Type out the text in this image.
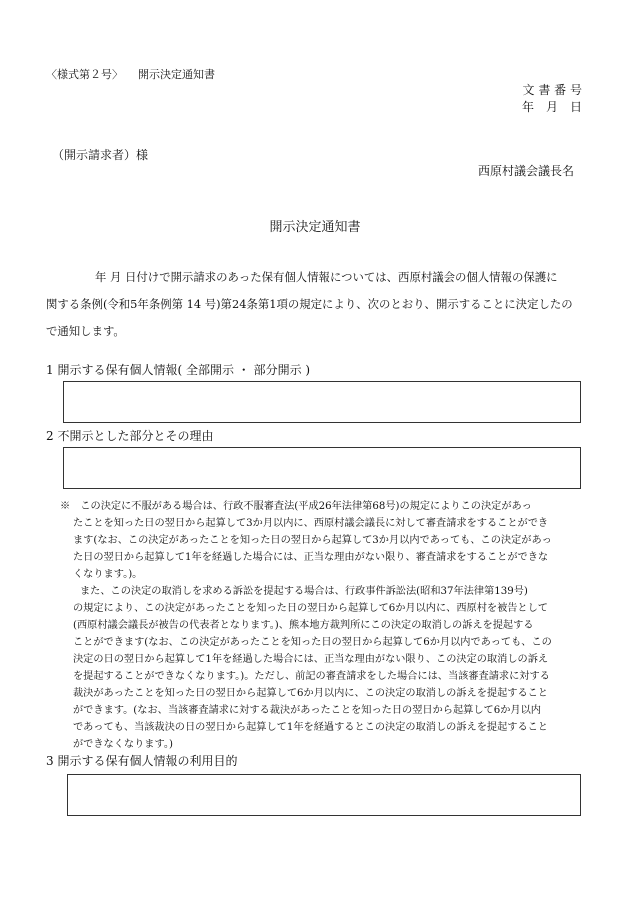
〈様式第２号〉 開示決定通知書
文 書 番 号
年　月　日
（開示請求者）様
西原村議会議長名
開示決定通知書

年 月 日付けで開示請求のあった保有個人情報については、西原村議会の個人情報の保護に

関する条例(令和5年条例第 14 号)第24条第1項の規定により、次のとおり、開示することに決定したの

で通知します。

1 開示する保有個人情報( 全部開示 ・ 部分開示 )
2 不開示とした部分とその理由

※　この決定に不服がある場合は、行政不服審査法(平成26年法律第68号)の規定によりこの決定があっ

たことを知った日の翌日から起算して3か月以内に、西原村議会議長に対して審査請求をすることができ

ます(なお、この決定があったことを知った日の翌日から起算して3か月以内であっても、この決定があっ

た日の翌日から起算して1年を経過した場合には、正当な理由がない限り、審査請求をすることができな

くなります。)。

また、この決定の取消しを求める訴訟を提起する場合は、行政事件訴訟法(昭和37年法律第139号)

の規定により、この決定があったことを知った日の翌日から起算して6か月以内に、西原村を被告として

(西原村議会議長が被告の代表者となります。)、熊本地方裁判所にこの決定の取消しの訴えを提起する

ことができます(なお、この決定があったことを知った日の翌日から起算して6か月以内であっても、この

決定の日の翌日から起算して1年を経過した場合には、正当な理由がない限り、この決定の取消しの訴え

を提起することができなくなります。)。ただし、前記の審査請求をした場合には、当該審査請求に対する

裁決があったことを知った日の翌日から起算して6か月以内に、この決定の取消しの訴えを提起すること

ができます。(なお、当該審査請求に対する裁決があったことを知った日の翌日から起算して6か月以内

であっても、当該裁決の日の翌日から起算して1年を経過するとこの決定の取消しの訴えを提起すること

ができなくなります。)

3 開示する保有個人情報の利用目的
